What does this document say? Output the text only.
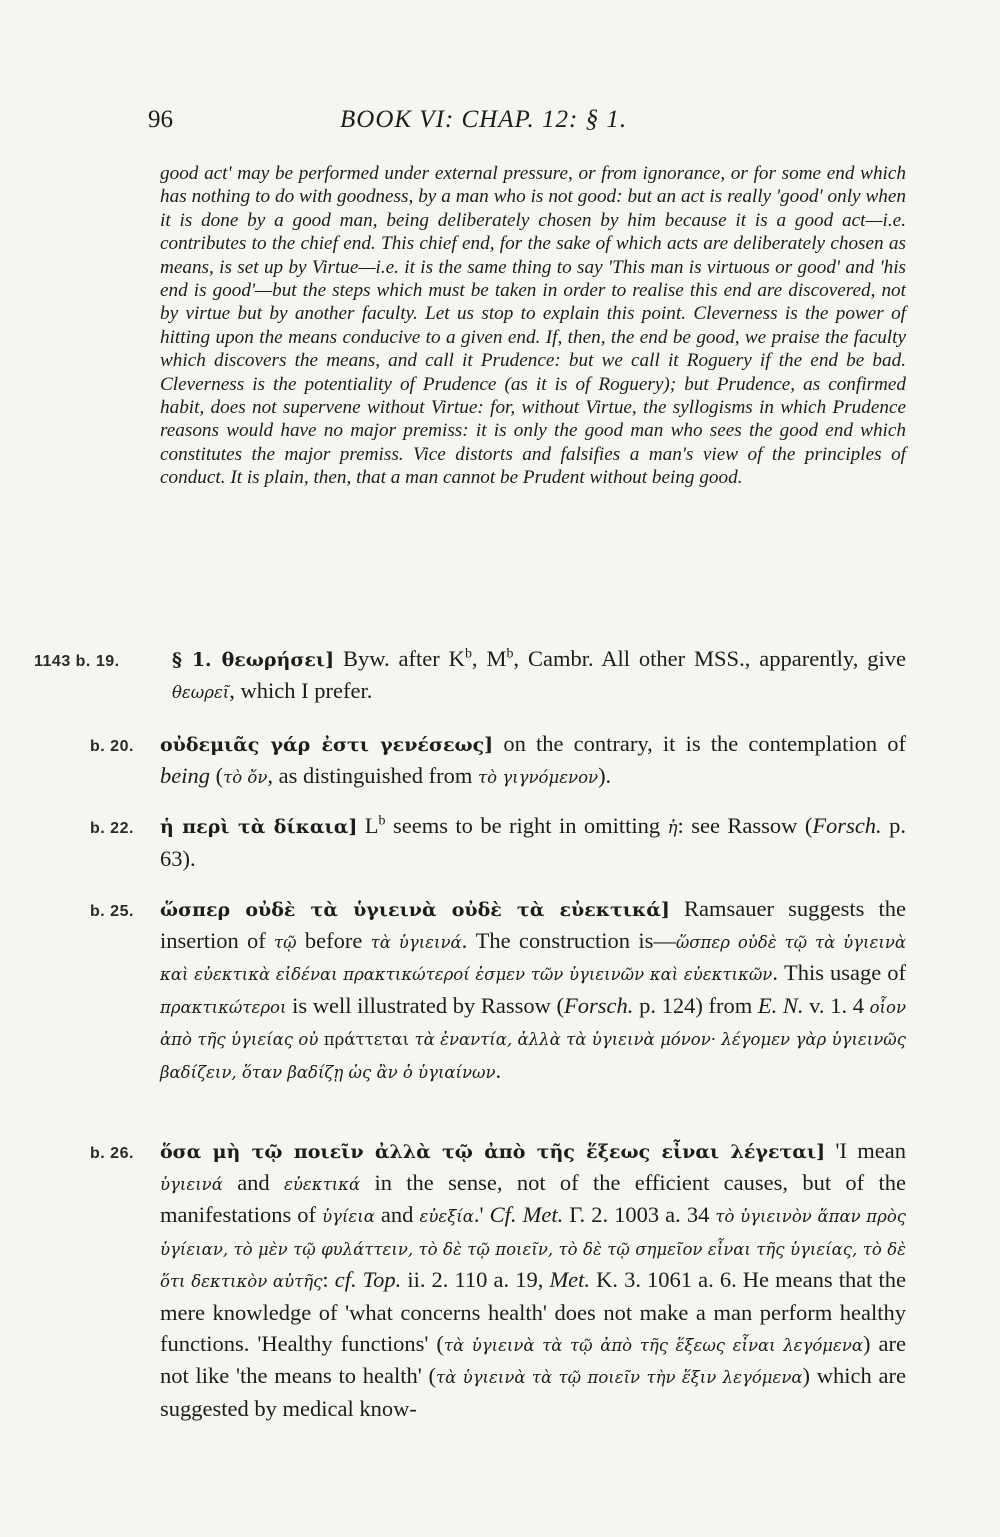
96	BOOK VI: CHAP. 12: § 1.

good act' may be performed under external pressure, or from ignorance, or for some end which has nothing to do with goodness, by a man who is not good: but an act is really 'good' only when it is done by a good man, being deliberately chosen by him because it is a good act—i.e. contributes to the chief end. This chief end, for the sake of which acts are deliberately chosen as means, is set up by Virtue—i.e. it is the same thing to say 'This man is virtuous or good' and 'his end is good'—but the steps which must be taken in order to realise this end are discovered, not by virtue but by another faculty. Let us stop to explain this point. Cleverness is the power of hitting upon the means conducive to a given end. If, then, the end be good, we praise the faculty which discovers the means, and call it Prudence: but we call it Roguery if the end be bad. Cleverness is the potentiality of Prudence (as it is of Roguery); but Prudence, as confirmed habit, does not supervene without Virtue: for, without Virtue, the syllogisms in which Prudence reasons would have no major premiss: it is only the good man who sees the good end which constitutes the major premiss. Vice distorts and falsifies a man's view of the principles of conduct. It is plain, then, that a man cannot be Prudent without being good.

1143 b. 19.	§ 1. θεωρήσει] Byw. after $K^b$, $M^b$, Cambr. All other MSS., apparently, give θεωρεῖ, which I prefer.

b. 20. οὐδεμιᾶς γάρ ἐστι γενέσεως] on the contrary, it is the contemplation of being (τὸ ὄν, as distinguished from τὸ γιγνόμενον).

b. 22. ἡ περὶ τὰ δίκαια] $L^b$ seems to be right in omitting ἡ: see Rassow (Forsch. p. 63).

b. 25. ὥσπερ οὐδὲ τὰ ὑγιεινὰ οὐδὲ τὰ εὐεκτικά] Ramsauer suggests the insertion of τῷ before τὰ ὑγιεινά. The construction is—ὥσπερ οὐδὲ τῷ τὰ ὑγιεινὰ καὶ εὐεκτικὰ εἰδέναι πρακτικώτεροί ἐσμεν τῶν ὑγιεινῶν καὶ εὐεκτικῶν. This usage of πρακτικώτεροι is well illustrated by Rassow (Forsch. p. 124) from E. N. v. 1. 4 οἷον ἀπὸ τῆς ὑγιείας οὐ πράττεται τὰ ἐναντία, ἀλλὰ τὰ ὑγιεινὰ μόνον· λέγομεν γὰρ ὑγιεινῶς βαδίζειν, ὅταν βαδίζῃ ὡς ἂν ὁ ὑγιαίνων.

b. 26. ὅσα μὴ τῷ ποιεῖν ἀλλὰ τῷ ἀπὸ τῆς ἕξεως εἶναι λέγεται] 'I mean ὑγιεινά and εὐεκτικά in the sense, not of the efficient causes, but of the manifestations of ὑγίεια and εὐεξία.' Cf. Met. Γ. 2. 1003 a. 34 τὸ ὑγιεινὸν ἅπαν πρὸς ὑγίειαν, τὸ μὲν τῷ φυλάττειν, τὸ δὲ τῷ ποιεῖν, τὸ δὲ τῷ σημεῖον εἶναι τῆς ὑγιείας, τὸ δὲ ὅτι δεκτικὸν αὐτῆς: cf. Top. ii. 2. 110 a. 19, Met. K. 3. 1061 a. 6. He means that the mere knowledge of 'what concerns health' does not make a man perform healthy functions. 'Healthy functions' (τὰ ὑγιεινὰ τὰ τῷ ἀπὸ τῆς ἕξεως εἶναι λεγόμενα) are not like 'the means to health' (τὰ ὑγιεινὰ τὰ τῷ ποιεῖν τὴν ἕξιν λεγόμενα) which are suggested by medical know-
